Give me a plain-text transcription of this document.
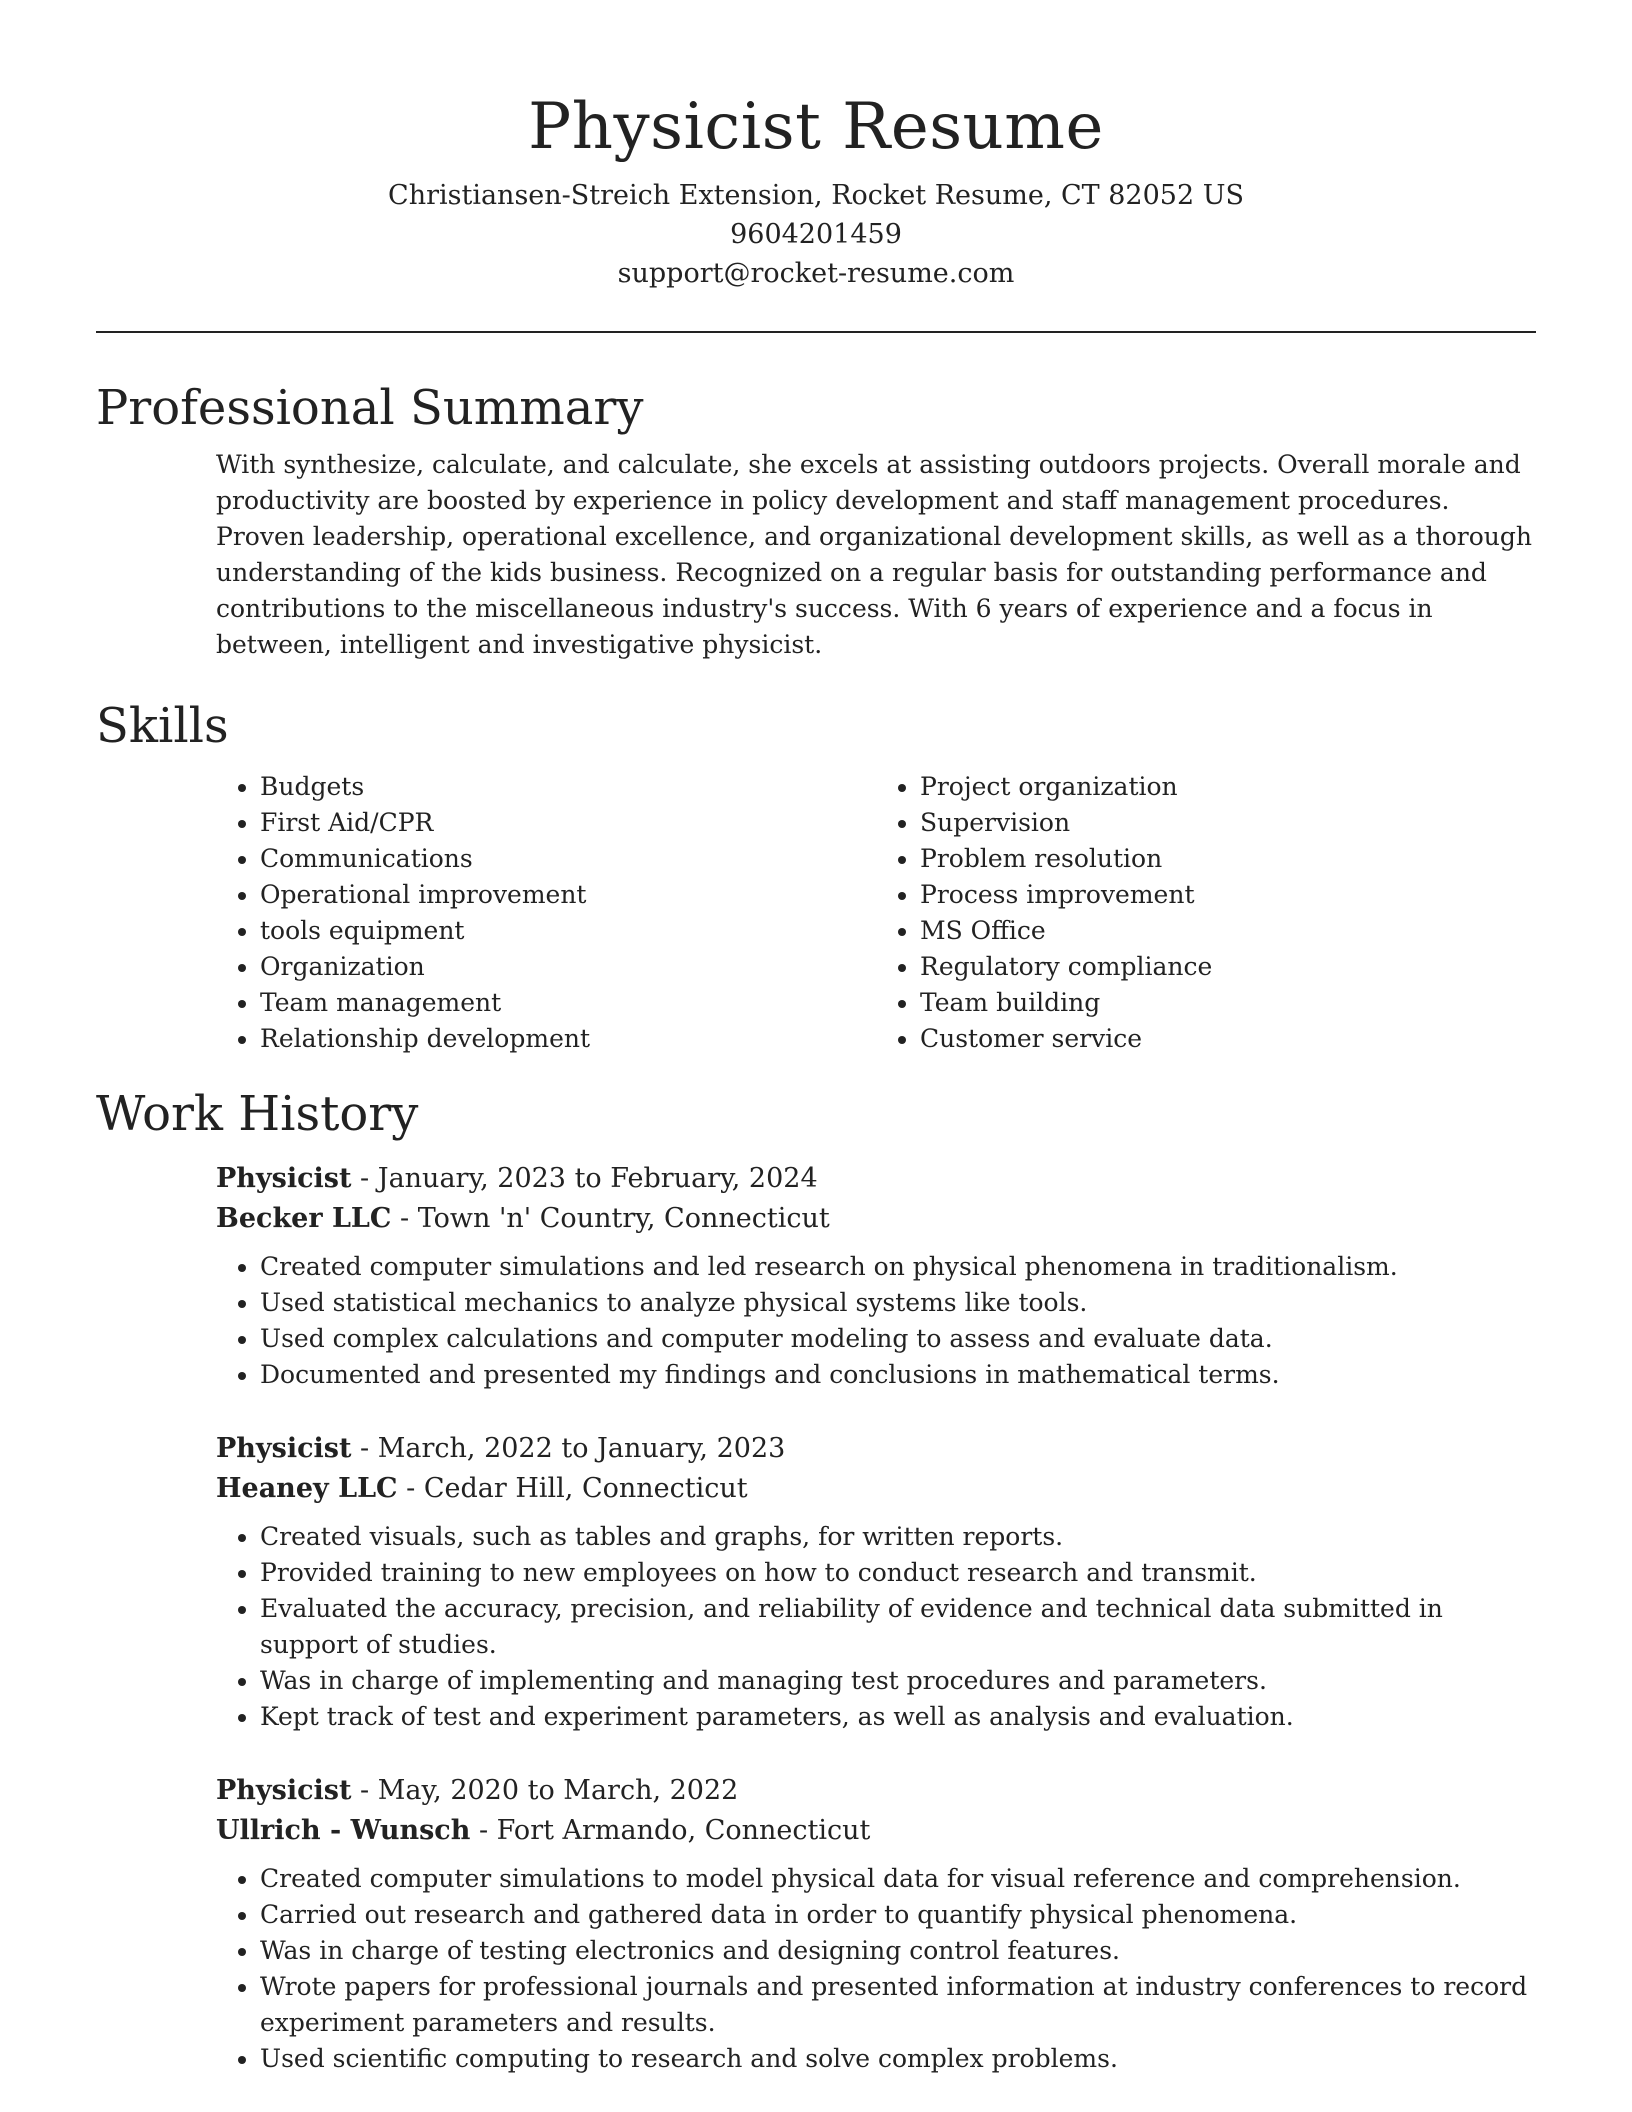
Physicist Resume
Christiansen-Streich Extension, Rocket Resume, CT 82052 US
9604201459
support@rocket-resume.com
Professional Summary

With synthesize, calculate, and calculate, she excels at assisting outdoors projects. Overall morale and productivity are boosted by experience in policy development and staff management procedures. Proven leadership, operational excellence, and organizational development skills, as well as a thorough understanding of the kids business. Recognized on a regular basis for outstanding performance and contributions to the miscellaneous industry's success. With 6 years of experience and a focus in between, intelligent and investigative physicist.

Skills
• Budgets
• First Aid/CPR
• Communications
• Operational improvement
• tools equipment
• Organization
• Team management
• Relationship development
• Project organization
• Supervision
• Problem resolution
• Process improvement
• MS Office
• Regulatory compliance
• Team building
• Customer service
Work History
Physicist - January, 2023 to February, 2024
Becker LLC - Town 'n' Country, Connecticut
• Created computer simulations and led research on physical phenomena in traditionalism.
• Used statistical mechanics to analyze physical systems like tools.
• Used complex calculations and computer modeling to assess and evaluate data.
• Documented and presented my findings and conclusions in mathematical terms.
Physicist - March, 2022 to January, 2023
Heaney LLC - Cedar Hill, Connecticut
• Created visuals, such as tables and graphs, for written reports.
• Provided training to new employees on how to conduct research and transmit.
• Evaluated the accuracy, precision, and reliability of evidence and technical data submitted in support of studies.
• Was in charge of implementing and managing test procedures and parameters.
• Kept track of test and experiment parameters, as well as analysis and evaluation.
Physicist - May, 2020 to March, 2022
Ullrich - Wunsch - Fort Armando, Connecticut
• Created computer simulations to model physical data for visual reference and comprehension.
• Carried out research and gathered data in order to quantify physical phenomena.
• Was in charge of testing electronics and designing control features.
• Wrote papers for professional journals and presented information at industry conferences to record experiment parameters and results.
• Used scientific computing to research and solve complex problems.
